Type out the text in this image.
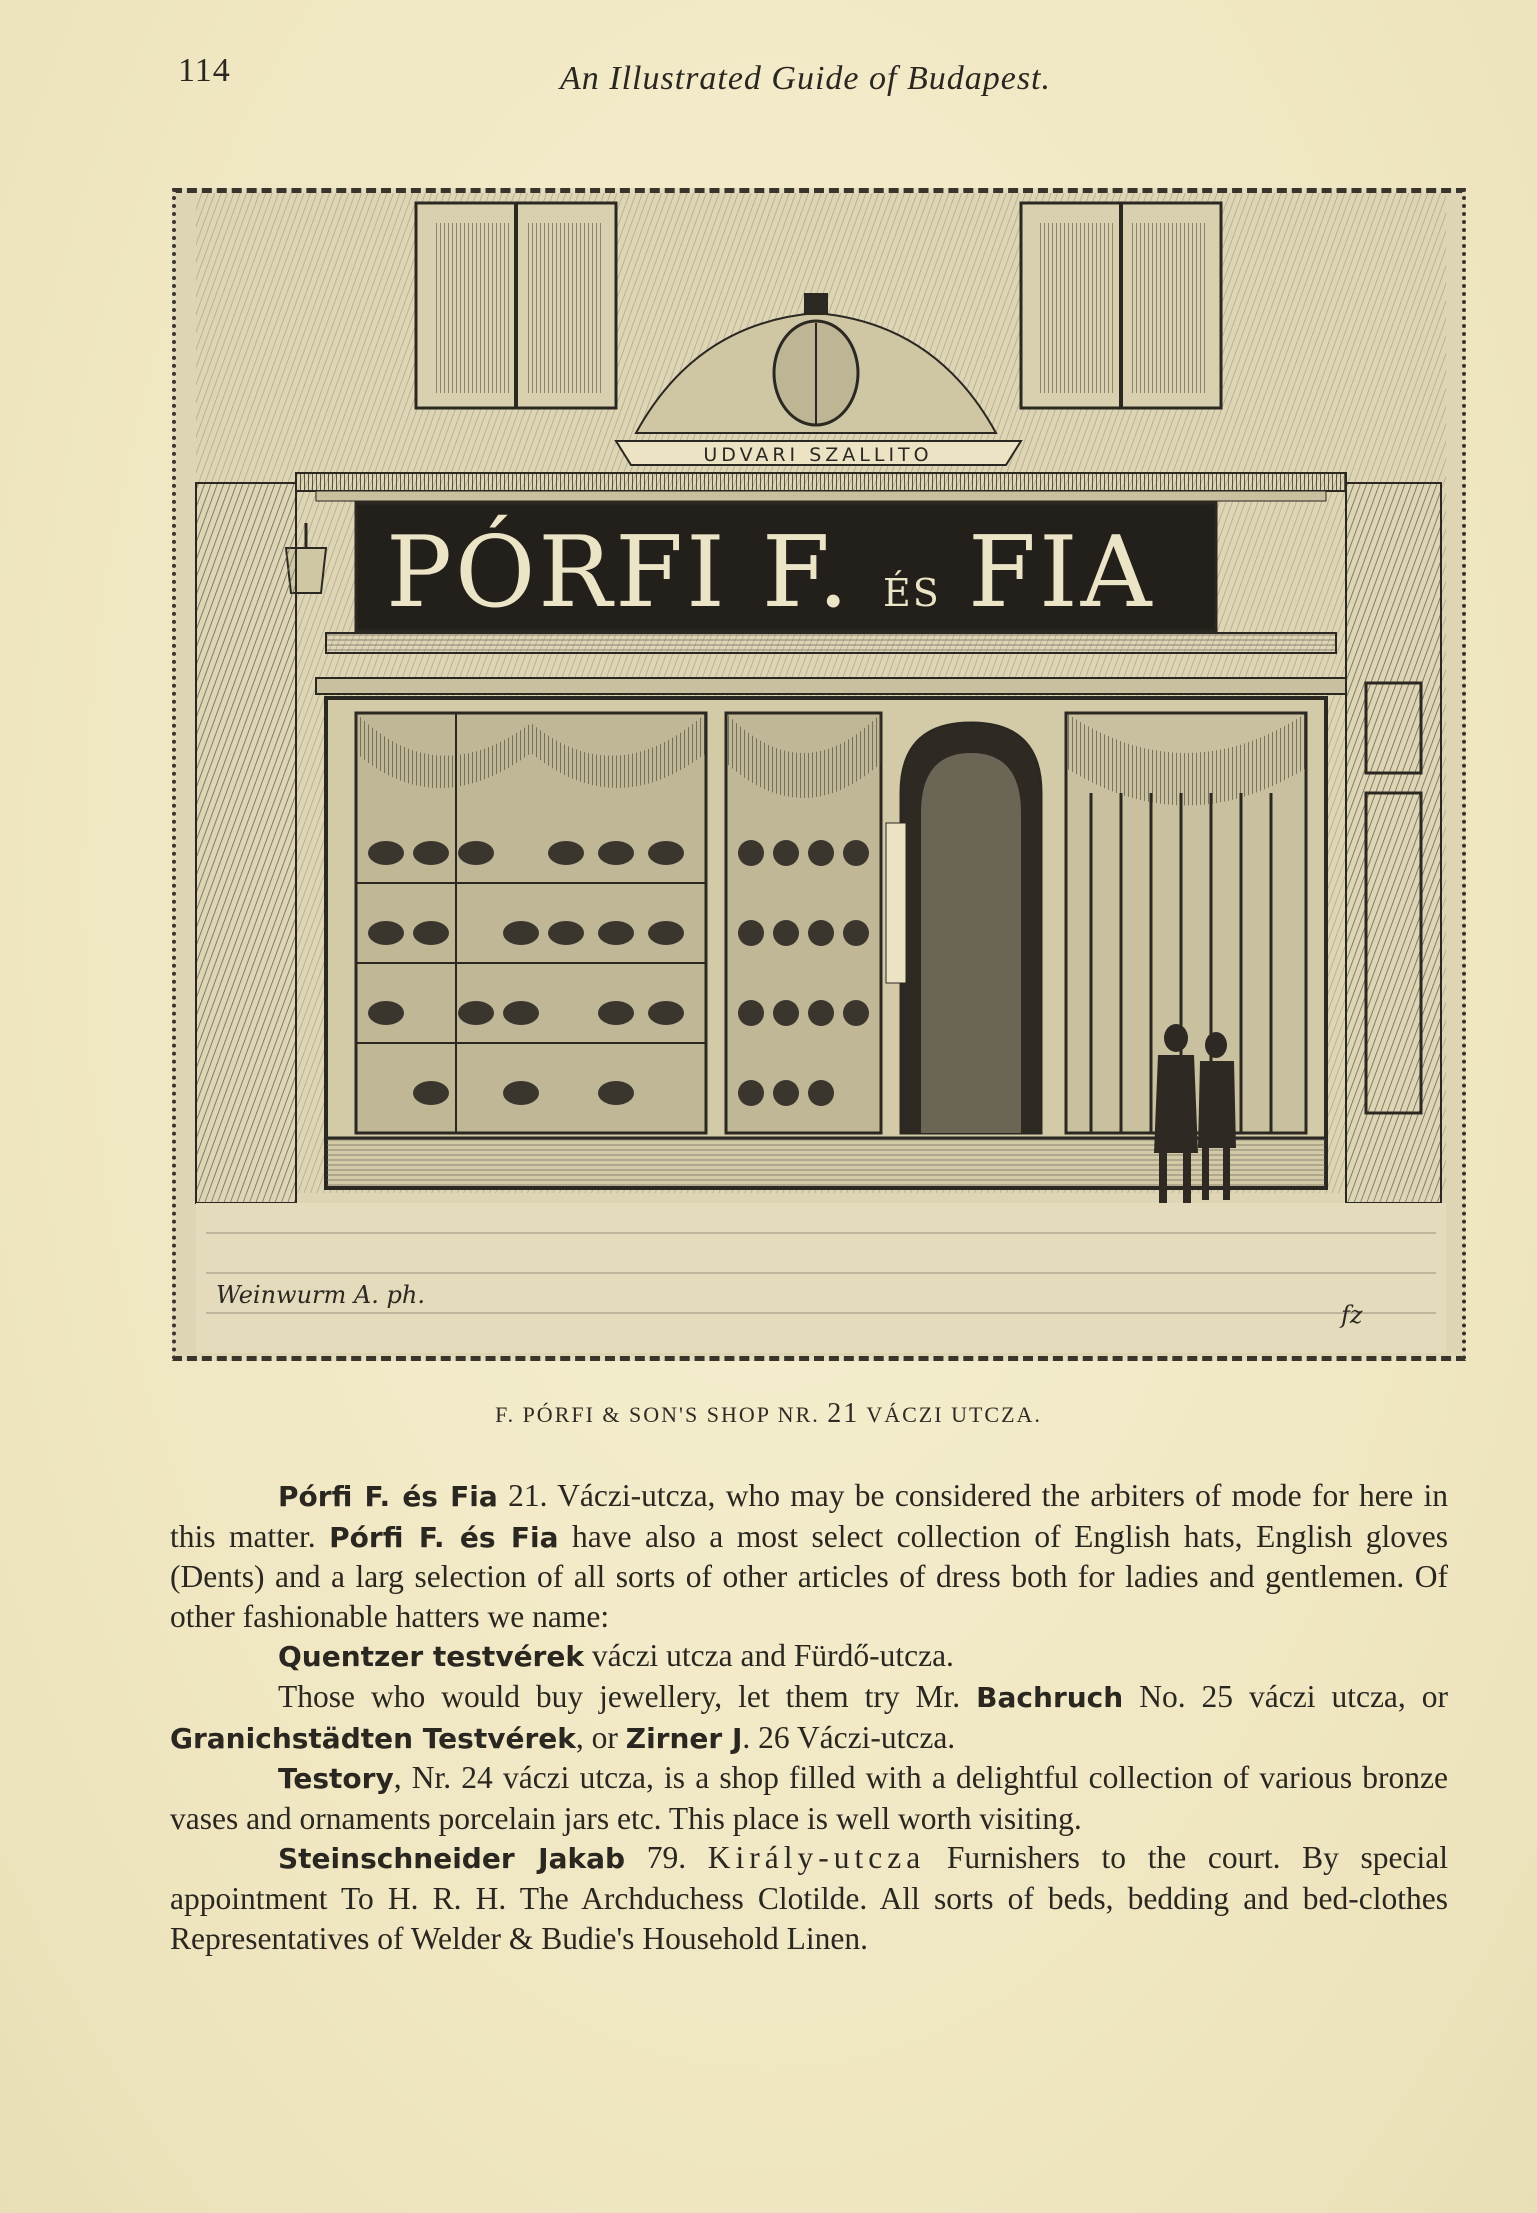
114	An Illustrated Guide of Budapest.
UDVARI SZALLITO
PÓRFI F. ÉS FIA
Weinwurm A. ph.
fz
F. PÓRFI & SON'S SHOP NR. 21 VÁCZI UTCZA.

Pórfi F. és Fia 21. Váczi-utcza, who may be considered the arbiters of mode for here in this matter. Pórfi F. és Fia have also a most select collection of English hats, English gloves (Dents) and a larg selection of all sorts of other articles of dress both for ladies and gentlemen. Of other fashionable hatters we name:

Quentzer testvérek váczi utcza and Fürdő-utcza.

Those who would buy jewellery, let them try Mr. Bachruch No. 25 váczi utcza, or Granichstädten Testvérek, or Zirner J. 26 Váczi-utcza.

Testory, Nr. 24 váczi utcza, is a shop filled with a delightful collection of various bronze vases and ornaments porcelain jars etc. This place is well worth visiting.

Steinschneider Jakab 79. Király-utcza Furnishers to the court. By special appointment To H. R. H. The Archduchess Clotilde. All sorts of beds, bedding and bed-clothes Representatives of Welder & Budie's Household Linen.
